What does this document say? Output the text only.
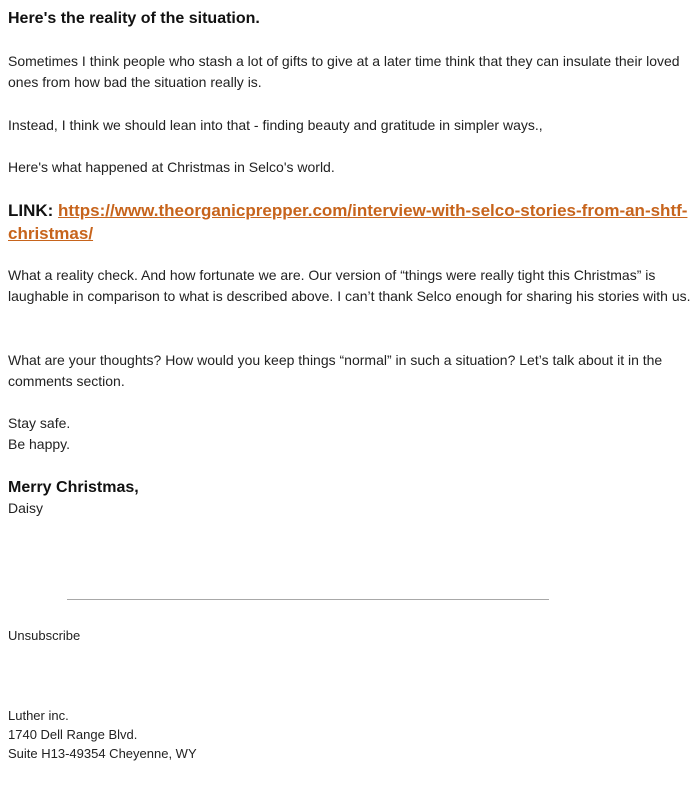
Here's the reality of the situation.
Sometimes I think people who stash a lot of gifts to give at a later time think that they can insulate their loved ones from how bad the situation really is.
Instead, I think we should lean into that - finding beauty and gratitude in simpler ways.,
Here's what happened at Christmas in Selco's world.
LINK: https://www.theorganicprepper.com/interview-with-selco-stories-from-an-shtf-christmas/
What a reality check. And how fortunate we are. Our version of “things were really tight this Christmas” is laughable in comparison to what is described above. I can’t thank Selco enough for sharing his stories with us.
What are your thoughts? How would you keep things “normal” in such a situation? Let’s talk about it in the comments section.
Stay safe.
Be happy.
Merry Christmas,
Daisy
Unsubscribe
Luther inc.
1740 Dell Range Blvd.
Suite H13-49354 Cheyenne, WY
